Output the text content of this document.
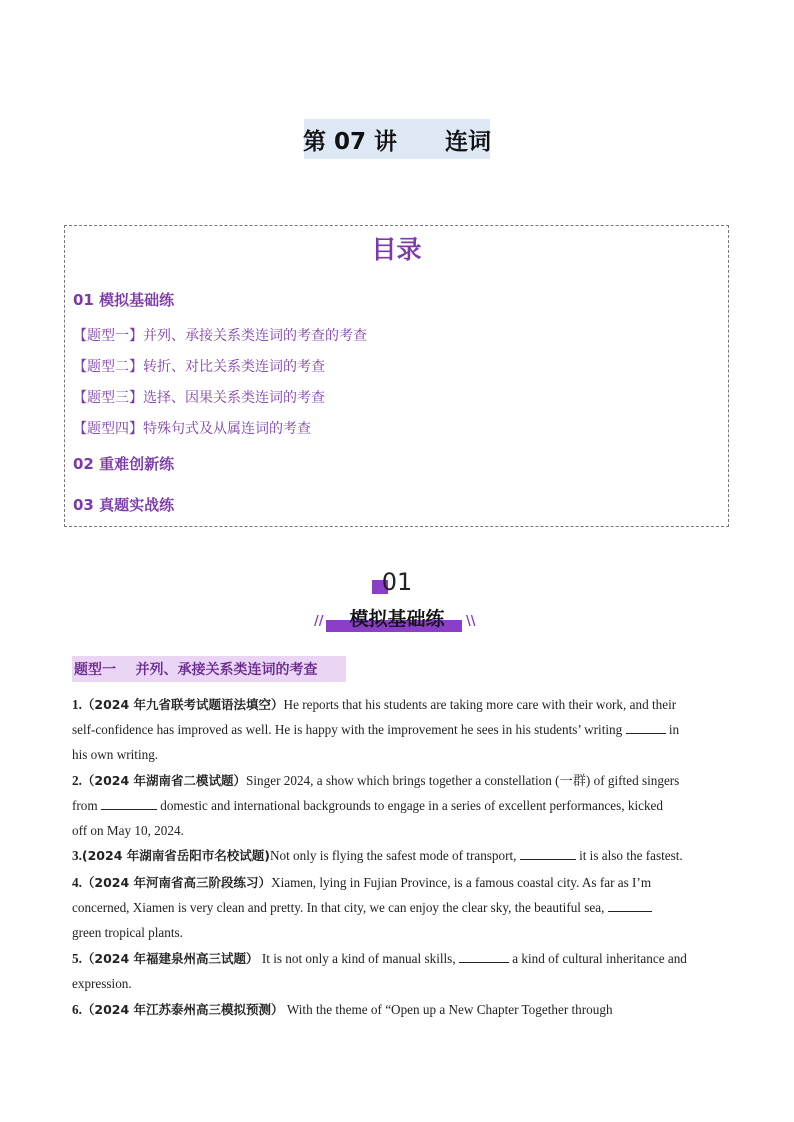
第 07 讲      连词
目录
01 模拟基础练
【题型一】并列、承接关系类连词的考查的考查
【题型二】转折、对比关系类连词的考查
【题型三】选择、因果关系类连词的考查
【题型四】特殊句式及从属连词的考查
02 重难创新练
03 真题实战练
01
模拟基础练
//	\\
题型一    并列、承接关系类连词的考查
1.（2024 年九省联考试题语法填空）He reports that his students are taking more care with their work, and their
self-confidence has improved as well. He is happy with the improvement he sees in his students’ writing	in
his own writing.
2.（2024 年湖南省二模试题）Singer 2024, a show which brings together a constellation (一群) of gifted singers
from	domestic and international backgrounds to engage in a series of excellent performances, kicked
off on May 10, 2024.
3.(2024 年湖南省岳阳市名校试题)Not only is flying the safest mode of transport,	it is also the fastest.
4.（2024 年河南省高三阶段练习）Xiamen, lying in Fujian Province, is a famous coastal city. As far as I’m
concerned, Xiamen is very clean and pretty. In that city, we can enjoy the clear sky, the beautiful sea,
green tropical plants.
5.（2024 年福建泉州高三试题） It is not only a kind of manual skills,	a kind of cultural inheritance and
expression.
6.（2024 年江苏泰州高三模拟预测） With the theme of “Open up a New Chapter Together through
